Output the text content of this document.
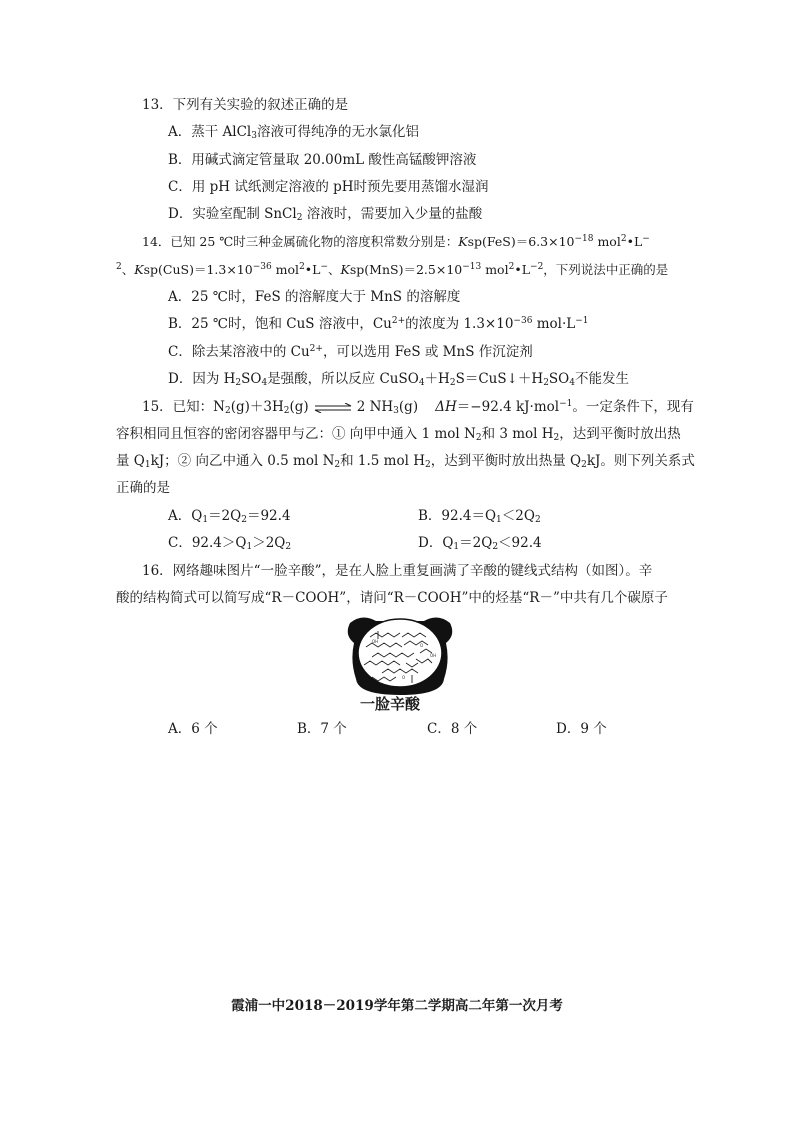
13．下列有关实验的叙述正确的是
A．蒸干 AlCl$_3$溶液可得纯净的无水氯化铝
B．用碱式滴定管量取 20.00mL 酸性高锰酸钾溶液
C．用 pH 试纸测定溶液的 pH时预先要用蒸馏水湿润
D．实验室配制 SnCl$_2$ 溶液时，需要加入少量的盐酸
14．已知 25 ℃时三种金属硫化物的溶度积常数分别是：$Ksp(FeS)=6.3\times 10^{-18}$ mol$^2$•L−
$^2$、$Ksp(CuS)=1.3\times 10^{-36}$ mol$^2$•L−、$Ksp(MnS)=2.5\times 10^{-13}$ $mol^2•L^{-2}$，下列说法中正确的是
A．25 ℃时，FeS 的溶解度大于 MnS 的溶解度
B．25 ℃时，饱和 CuS 溶液中，$Cu^{2+}$的浓度为 $1.3\times 10^{-36}$ $mol\cdot L^{-1}$
C．除去某溶液中的 $Cu^{2+}$，可以选用 FeS 或 MnS 作沉淀剂
D．因为 $H_2SO_4$是强酸，所以反应 $CuSO_4+H_2S=CuS↓+H_2SO_4$不能发生
15．已知：$N_2(g)+3H_2(g)$ ⇌ 2 $NH_3(g)$ ΔH＝−92.4 kJ·mol$^{-1}$。一定条件下，现有
容积相同且恒容的密闭容器甲与乙：① 向甲中通入 1 mol $N_2$和 3 mol $H_2$，达到平衡时放出热
量 $Q_1kJ$；② 向乙中通入 0.5 mol $N_2$和 1.5 mol $H_2$，达到平衡时放出热量 $Q_2kJ$。则下列关系式
正确的是
A．$Q_1=2Q_2=92.4$	B．$92.4=Q_1<2Q_2$
C．$92.4>Q_1>2Q_2$	D．$Q_1=2Q_2<92.4$
16．网络趣味图片“一脸辛酸”，是在人脸上重复画满了辛酸的键线式结构（如图）。辛
酸的结构简式可以简写成“R－COOH”，请问“R－COOH”中的烃基“R－”中共有几个碳原子
O
OH
O
OH
一脸辛酸
A．6 个	B．7 个	C．8 个	D．9 个
霞浦一中2018－2019学年第二学期高二年第一次月考
